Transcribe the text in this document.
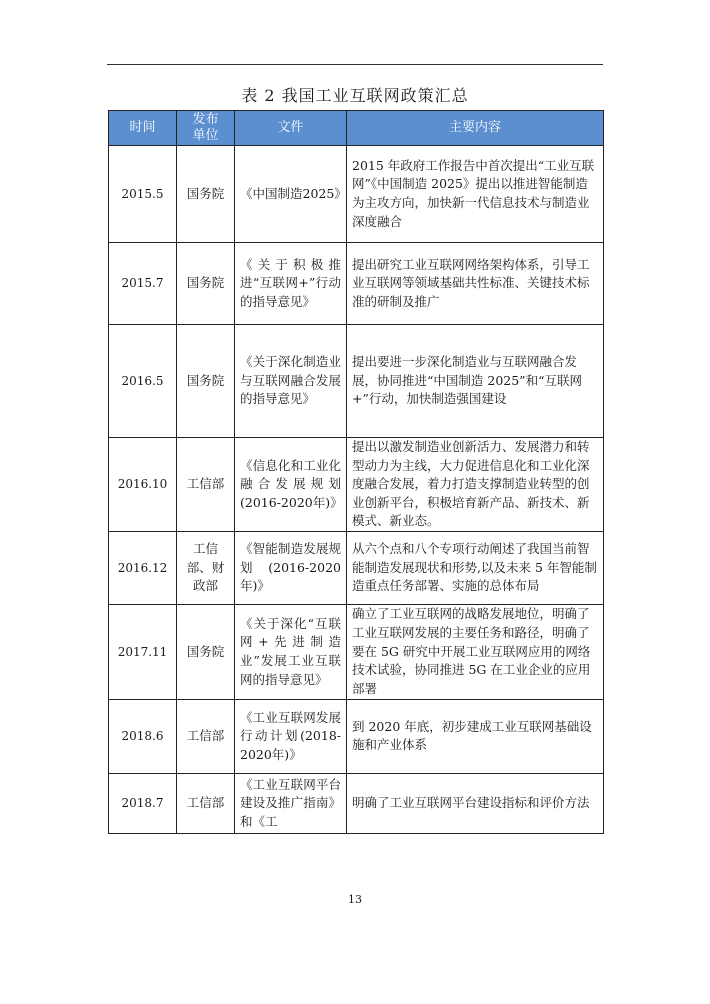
表 2 我国工业互联网政策汇总
时间	发布单位	文件	主要内容
2015.5	国务院	《中国制造2025》	2015 年政府工作报告中首次提出“工业互联网”《中国制造 2025》提出以推进智能制造为主攻方向，加快新一代信息技术与制造业深度融合
2015.7	国务院	《关于积极推进“互联网+”行动的指导意见》	提出研究工业互联网网络架构体系，引导工业互联网等领域基础共性标准、关键技术标准的研制及推广
2016.5	国务院	《关于深化制造业与互联网融合发展的指导意见》	提出要进一步深化制造业与互联网融合发展，协同推进“中国制造 2025”和“互联网+”行动，加快制造强国建设
2016.10	工信部	《信息化和工业化融合发展规划(2016-2020年)》	提出以激发制造业创新活力、发展潜力和转型动力为主线，大力促进信息化和工业化深度融合发展，着力打造支撑制造业转型的创业创新平台，积极培育新产品、新技术、新模式、新业态。
2016.12	工信部、财政部	《智能制造发展规划(2016-2020年)》	从六个点和八个专项行动阐述了我国当前智能制造发展现状和形势,以及未来 5 年智能制造重点任务部署、实施的总体布局
2017.11	国务院	《关于深化“互联网+先进制造业”发展工业互联网的指导意见》	确立了工业互联网的战略发展地位，明确了工业互联网发展的主要任务和路径，明确了要在 5G 研究中开展工业互联网应用的网络技术试验，协同推进 5G 在工业企业的应用部署
2018.6	工信部	《工业互联网发展行动计划(2018-2020年)》	到 2020 年底，初步建成工业互联网基础设施和产业体系
2018.7	工信部	《工业互联网平台建设及推广指南》和《工	明确了工业互联网平台建设指标和评价方法
13
